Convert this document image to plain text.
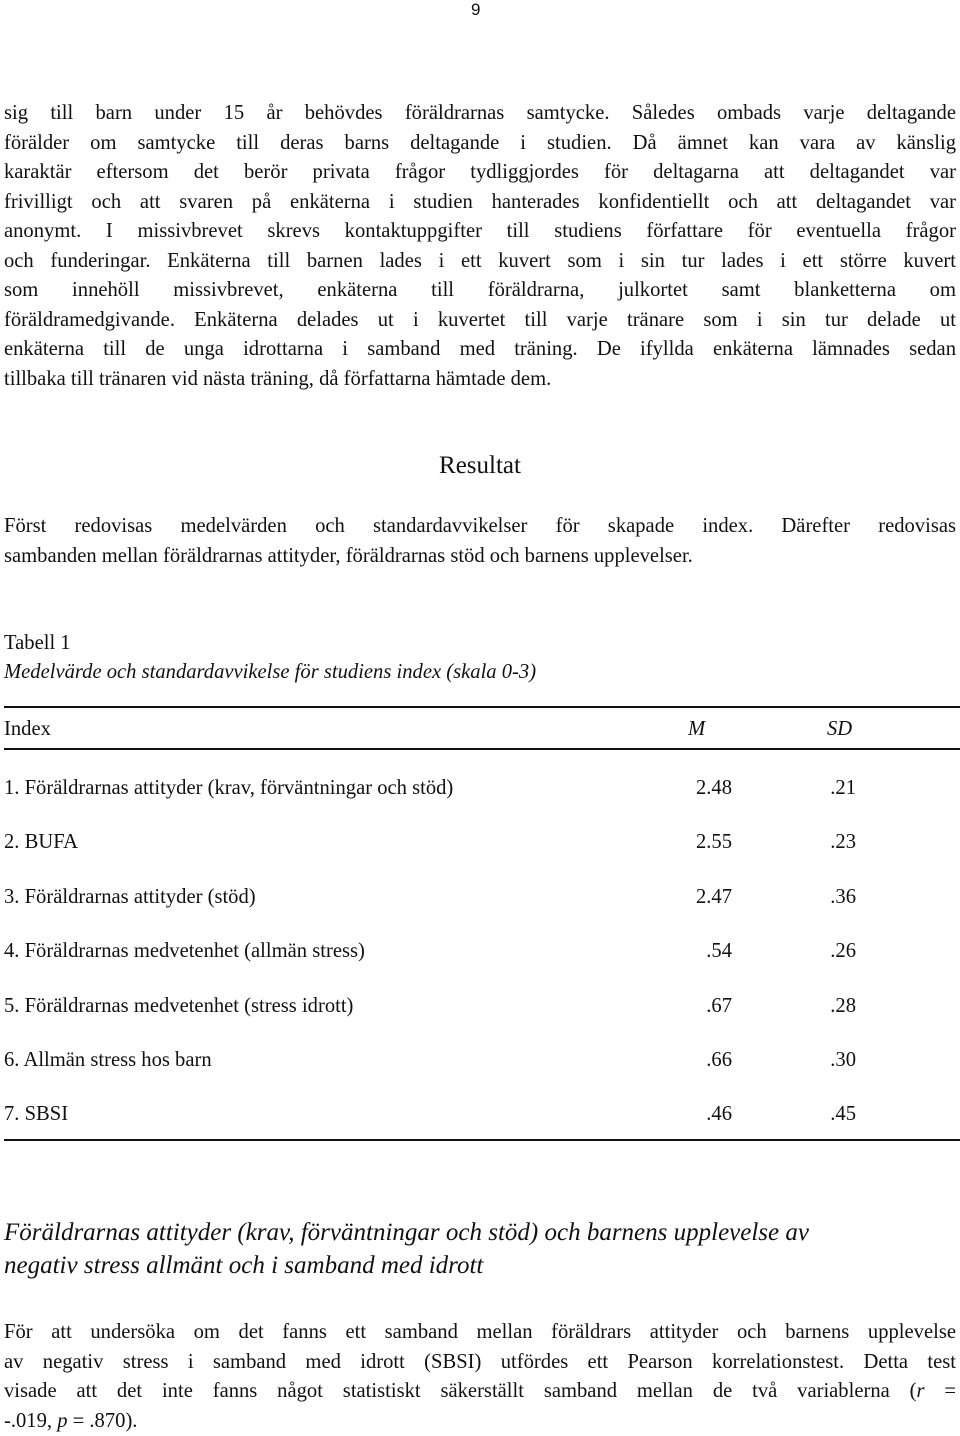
9
sig till barn under 15 år behövdes föräldrarnas samtycke. Således ombads varje deltagande
förälder om samtycke till deras barns deltagande i studien. Då ämnet kan vara av känslig
karaktär eftersom det berör privata frågor tydliggjordes för deltagarna att deltagandet var
frivilligt och att svaren på enkäterna i studien hanterades konfidentiellt och att deltagandet var
anonymt. I missivbrevet skrevs kontaktuppgifter till studiens författare för eventuella frågor
och funderingar. Enkäterna till barnen lades i ett kuvert som i sin tur lades i ett större kuvert
som innehöll missivbrevet, enkäterna till föräldrarna, julkortet samt blanketterna om
föräldramedgivande. Enkäterna delades ut i kuvertet till varje tränare som i sin tur delade ut
enkäterna till de unga idrottarna i samband med träning. De ifyllda enkäterna lämnades sedan
tillbaka till tränaren vid nästa träning, då författarna hämtade dem.
Resultat
Först redovisas medelvärden och standardavvikelser för skapade index. Därefter redovisas
sambanden mellan föräldrarnas attityder, föräldrarnas stöd och barnens upplevelser.
Tabell 1
Medelvärde och standardavvikelse för studiens index (skala 0-3)
Index	M	SD
1. Föräldrarnas attityder (krav, förväntningar och stöd)	2.48	.21
2. BUFA	2.55	.23
3. Föräldrarnas attityder (stöd)	2.47	.36
4. Föräldrarnas medvetenhet (allmän stress)	.54	.26
5. Föräldrarnas medvetenhet (stress idrott)	.67	.28
6. Allmän stress hos barn	.66	.30
7. SBSI	.46	.45
Föräldrarnas attityder (krav, förväntningar och stöd) och barnens upplevelse av
negativ stress allmänt och i samband med idrott
För att undersöka om det fanns ett samband mellan föräldrars attityder och barnens upplevelse
av negativ stress i samband med idrott (SBSI) utfördes ett Pearson korrelationstest. Detta test
visade att det inte fanns något statistiskt säkerställt samband mellan de två variablerna (r =
-.019, p = .870).
